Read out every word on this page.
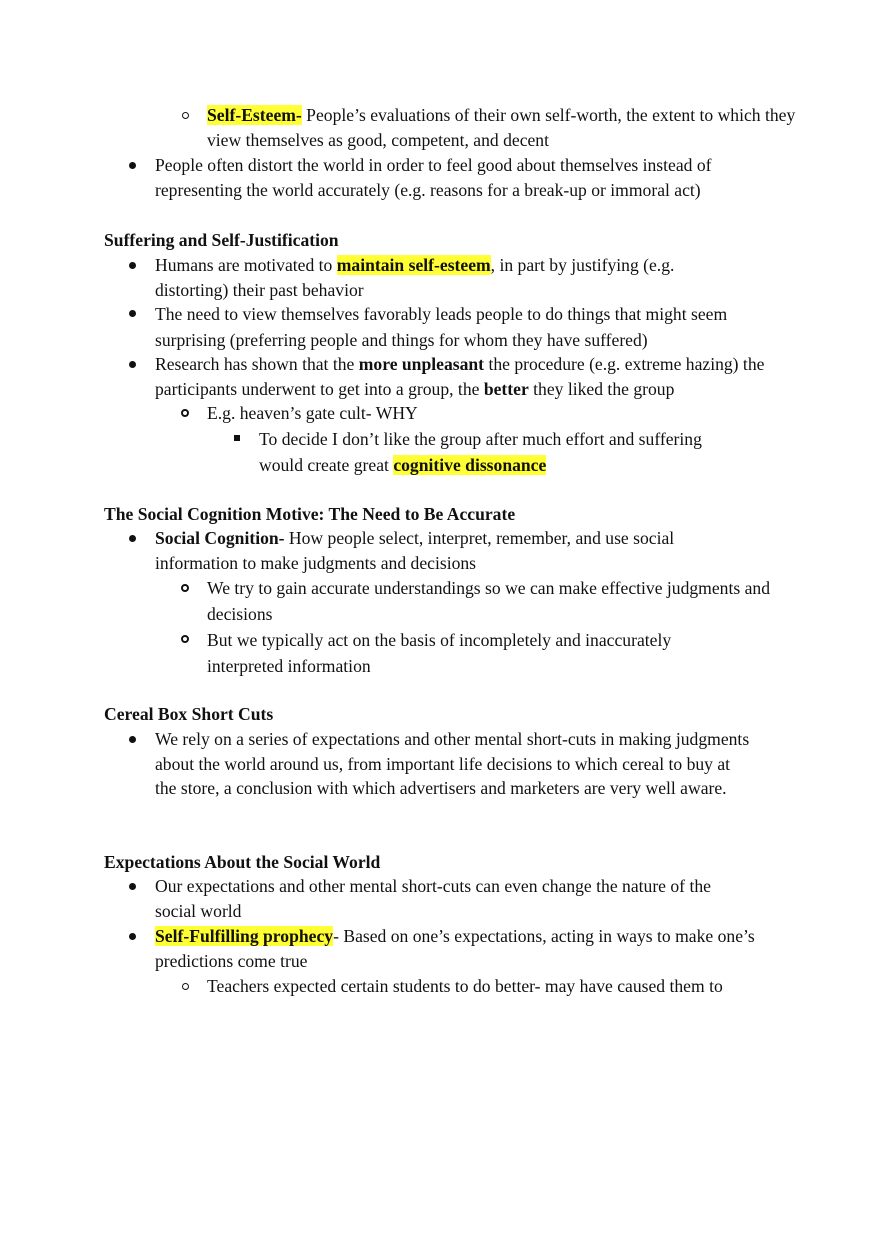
Self-Esteem- People’s evaluations of their own self-worth, the extent to which they view themselves as good, competent, and decent
People often distort the world in order to feel good about themselves instead of representing the world accurately (e.g. reasons for a break-up or immoral act)
Suffering and Self-Justification
Humans are motivated to maintain self-esteem, in part by justifying (e.g. distorting) their past behavior
The need to view themselves favorably leads people to do things that might seem surprising (preferring people and things for whom they have suffered)
Research has shown that the more unpleasant the procedure (e.g. extreme hazing) the participants underwent to get into a group, the better they liked the group
E.g. heaven’s gate cult- WHY
To decide I don’t like the group after much effort and suffering would create great cognitive dissonance
The Social Cognition Motive: The Need to Be Accurate
Social Cognition- How people select, interpret, remember, and use social information to make judgments and decisions
We try to gain accurate understandings so we can make effective judgments and decisions
But we typically act on the basis of incompletely and inaccurately interpreted information
Cereal Box Short Cuts
We rely on a series of expectations and other mental short-cuts in making judgments about the world around us, from important life decisions to which cereal to buy at the store, a conclusion with which advertisers and marketers are very well aware.
Expectations About the Social World
Our expectations and other mental short-cuts can even change the nature of the social world
Self-Fulfilling prophecy- Based on one’s expectations, acting in ways to make one’s predictions come true
Teachers expected certain students to do better- may have caused them to
